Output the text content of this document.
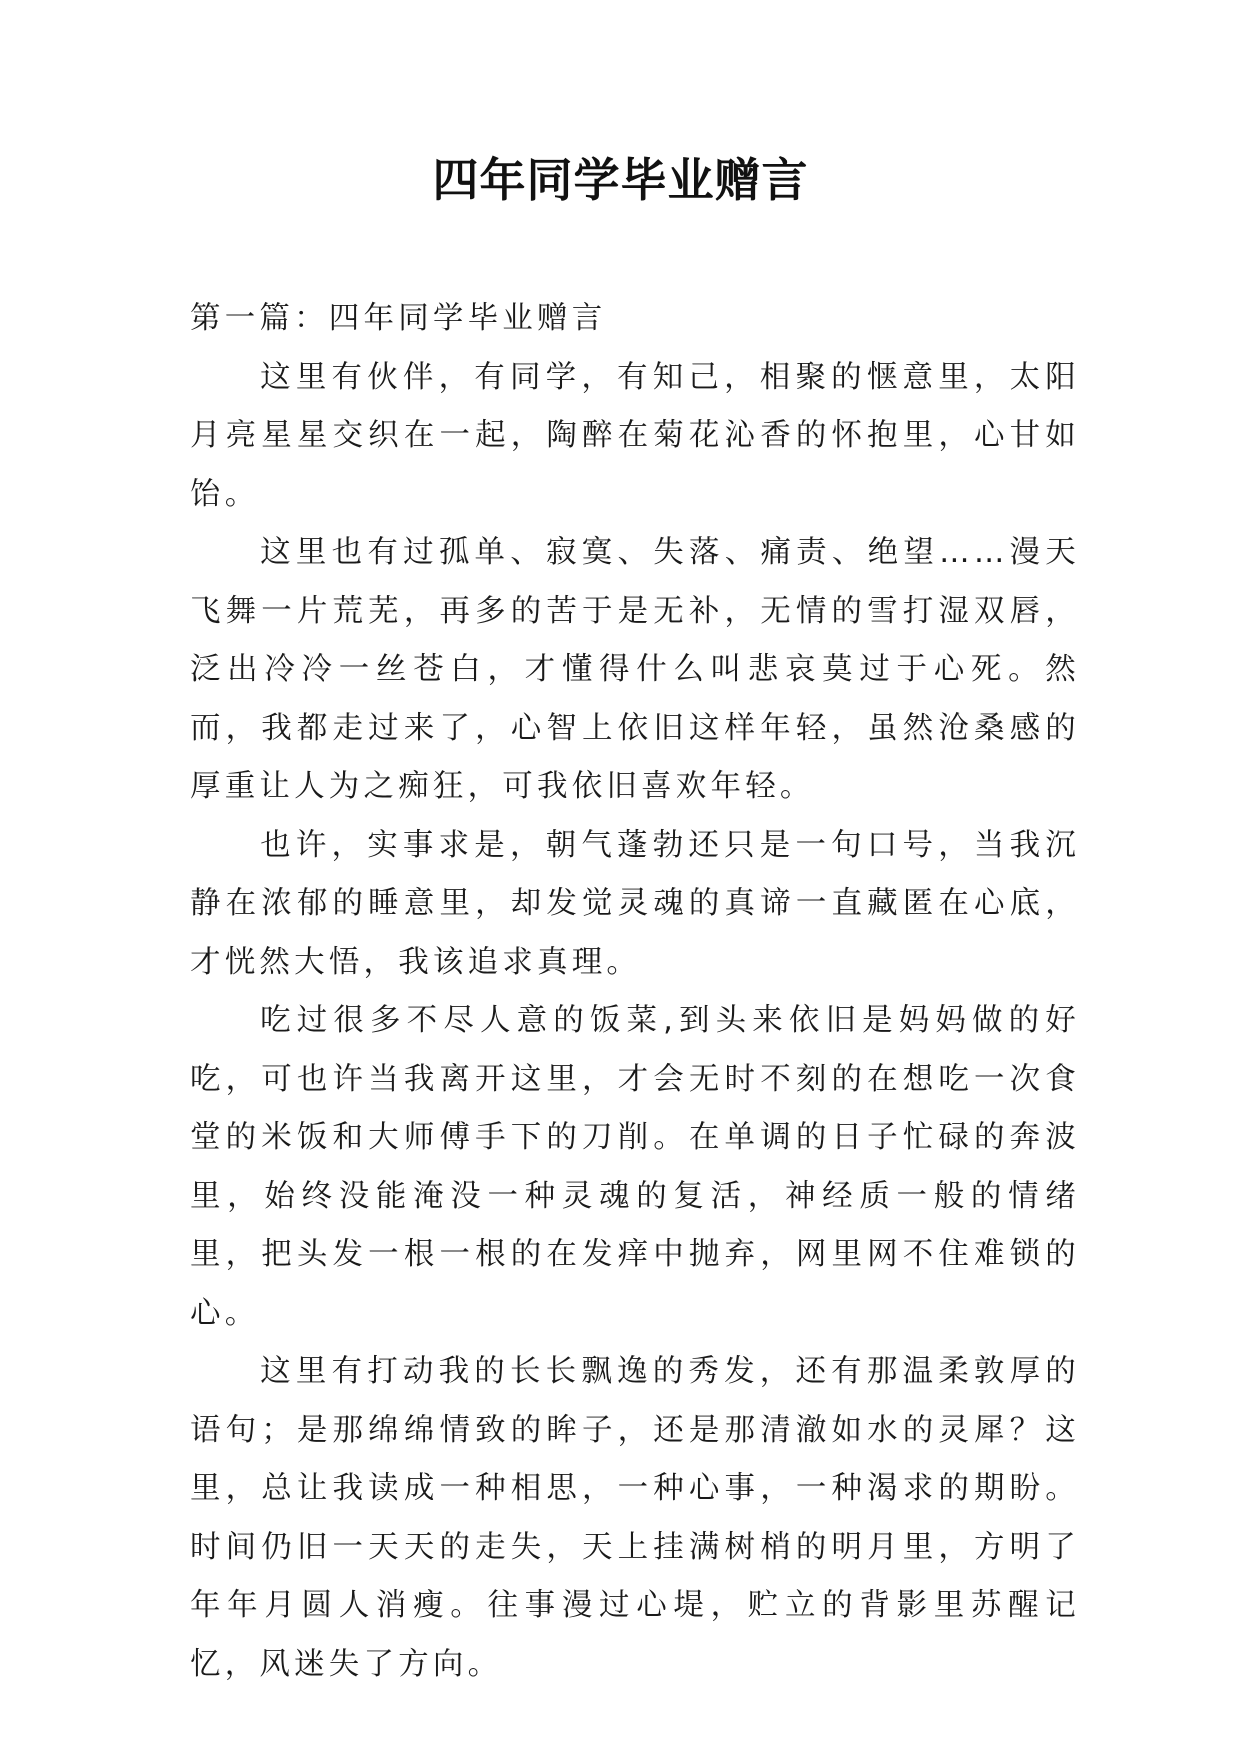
四年同学毕业赠言

第一篇：四年同学毕业赠言

这里有伙伴，有同学，有知己，相聚的惬意里，太阳月亮星星交织在一起，陶醉在菊花沁香的怀抱里，心甘如饴。

这里也有过孤单、寂寞、失落、痛责、绝望……漫天飞舞一片荒芜，再多的苦于是无补，无情的雪打湿双唇，泛出冷冷一丝苍白，才懂得什么叫悲哀莫过于心死。然而，我都走过来了，心智上依旧这样年轻，虽然沧桑感的厚重让人为之痴狂，可我依旧喜欢年轻。

也许，实事求是，朝气蓬勃还只是一句口号，当我沉静在浓郁的睡意里，却发觉灵魂的真谛一直藏匿在心底，才恍然大悟，我该追求真理。

吃过很多不尽人意的饭菜,到头来依旧是妈妈做的好吃，可也许当我离开这里，才会无时不刻的在想吃一次食堂的米饭和大师傅手下的刀削。在单调的日子忙碌的奔波里，始终没能淹没一种灵魂的复活，神经质一般的情绪里，把头发一根一根的在发痒中抛弃，网里网不住难锁的心。

这里有打动我的长长飘逸的秀发，还有那温柔敦厚的语句；是那绵绵情致的眸子，还是那清澈如水的灵犀？这里，总让我读成一种相思，一种心事，一种渴求的期盼。时间仍旧一天天的走失，天上挂满树梢的明月里，方明了年年月圆人消瘦。往事漫过心堤，贮立的背影里苏醒记忆，风迷失了方向。
